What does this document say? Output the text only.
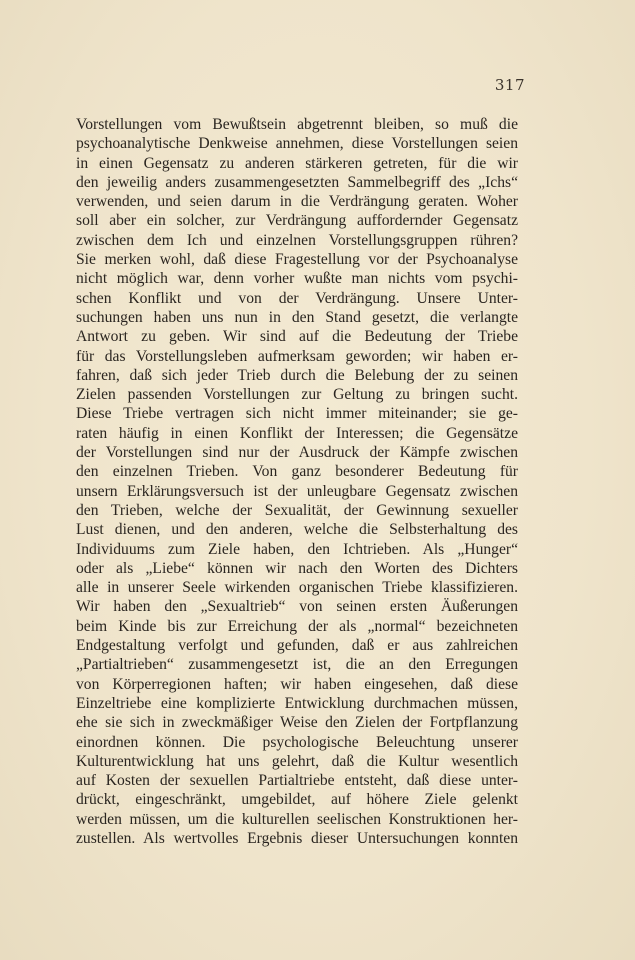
317
Vorstellungen vom Bewußtsein abgetrennt bleiben, so muß die
psychoanalytische Denkweise annehmen, diese Vorstellungen seien
in einen Gegensatz zu anderen stärkeren getreten, für die wir
den jeweilig anders zusammengesetzten Sammelbegriff des „Ichs“
verwenden, und seien darum in die Verdrängung geraten. Woher
soll aber ein solcher, zur Verdrängung auffordernder Gegensatz
zwischen dem Ich und einzelnen Vorstellungsgruppen rühren?
Sie merken wohl, daß diese Fragestellung vor der Psychoanalyse
nicht möglich war, denn vorher wußte man nichts vom psychi-
schen Konflikt und von der Verdrängung. Unsere Unter-
suchungen haben uns nun in den Stand gesetzt, die verlangte
Antwort zu geben. Wir sind auf die Bedeutung der Triebe
für das Vorstellungsleben aufmerksam geworden; wir haben er-
fahren, daß sich jeder Trieb durch die Belebung der zu seinen
Zielen passenden Vorstellungen zur Geltung zu bringen sucht.
Diese Triebe vertragen sich nicht immer miteinander; sie ge-
raten häufig in einen Konflikt der Interessen; die Gegensätze
der Vorstellungen sind nur der Ausdruck der Kämpfe zwischen
den einzelnen Trieben. Von ganz besonderer Bedeutung für
unsern Erklärungsversuch ist der unleugbare Gegensatz zwischen
den Trieben, welche der Sexualität, der Gewinnung sexueller
Lust dienen, und den anderen, welche die Selbsterhaltung des
Individuums zum Ziele haben, den Ichtrieben. Als „Hunger“
oder als „Liebe“ können wir nach den Worten des Dichters
alle in unserer Seele wirkenden organischen Triebe klassifizieren.
Wir haben den „Sexualtrieb“ von seinen ersten Äußerungen
beim Kinde bis zur Erreichung der als „normal“ bezeichneten
Endgestaltung verfolgt und gefunden, daß er aus zahlreichen
„Partialtrieben“ zusammengesetzt ist, die an den Erregungen
von Körperregionen haften; wir haben eingesehen, daß diese
Einzeltriebe eine komplizierte Entwicklung durchmachen müssen,
ehe sie sich in zweckmäßiger Weise den Zielen der Fortpflanzung
einordnen können. Die psychologische Beleuchtung unserer
Kulturentwicklung hat uns gelehrt, daß die Kultur wesentlich
auf Kosten der sexuellen Partialtriebe entsteht, daß diese unter-
drückt, eingeschränkt, umgebildet, auf höhere Ziele gelenkt
werden müssen, um die kulturellen seelischen Konstruktionen her-
zustellen. Als wertvolles Ergebnis dieser Untersuchungen konnten
